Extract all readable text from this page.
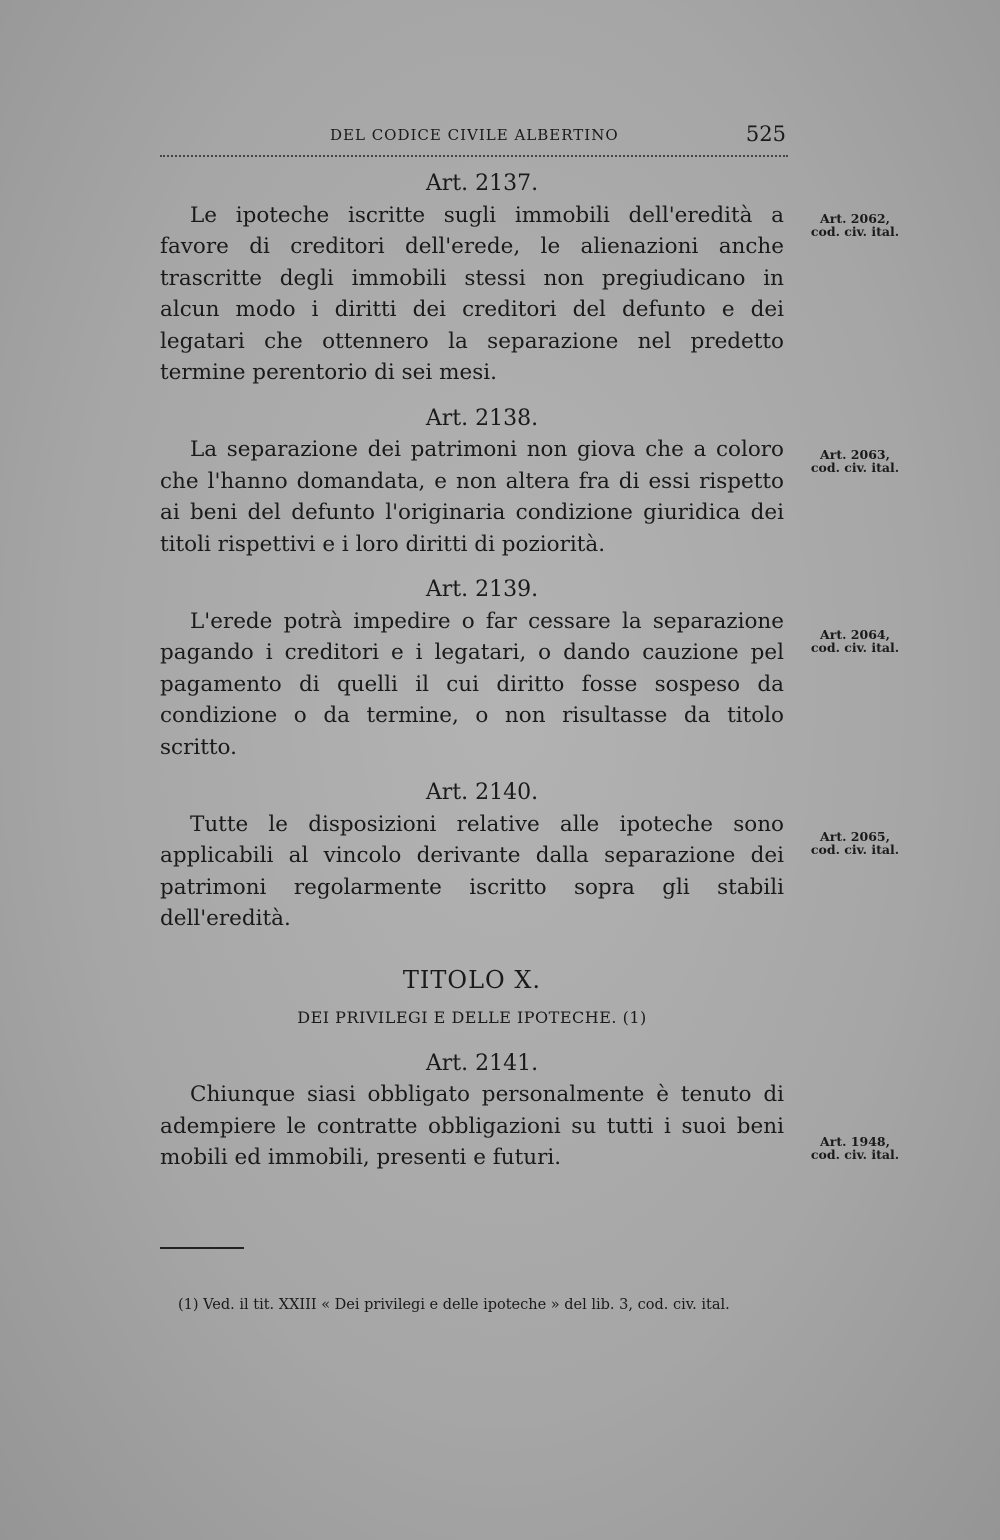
DEL CODICE CIVILE ALBERTINO	525

Art. 2137.

Le ipoteche iscritte sugli immobili dell'eredità a favore di creditori dell'erede, le alienazioni anche trascritte degli immobili stessi non pregiudicano in alcun modo i diritti dei creditori del defunto e dei legatari che ottennero la separazione nel predetto termine perentorio di sei mesi.

Art. 2138.

La separazione dei patrimoni non giova che a coloro che l'hanno domandata, e non altera fra di essi rispetto ai beni del defunto l'originaria condizione giuridica dei titoli rispettivi e i loro diritti di poziorità.

Art. 2139.

L'erede potrà impedire o far cessare la separazione pagando i creditori e i legatari, o dando cauzione pel pagamento di quelli il cui diritto fosse sospeso da condizione o da termine, o non risultasse da titolo scritto.

Art. 2140.

Tutte le disposizioni relative alle ipoteche sono applicabili al vincolo derivante dalla separazione dei patrimoni regolarmente iscritto sopra gli stabili dell'eredità.

TITOLO X.

DEI PRIVILEGI E DELLE IPOTECHE. (1)

Art. 2141.

Chiunque siasi obbligato personalmente è tenuto di adempiere le contratte obbligazioni su tutti i suoi beni mobili ed immobili, presenti e futuri.

Art. 2062,
cod. civ. ital.
Art. 2063,
cod. civ. ital.
Art. 2064,
cod. civ. ital.
Art. 2065,
cod. civ. ital.
Art. 1948,
cod. civ. ital.

(1) Ved. il tit. XXIII « Dei privilegi e delle ipoteche » del lib. 3, cod. civ. ital.
